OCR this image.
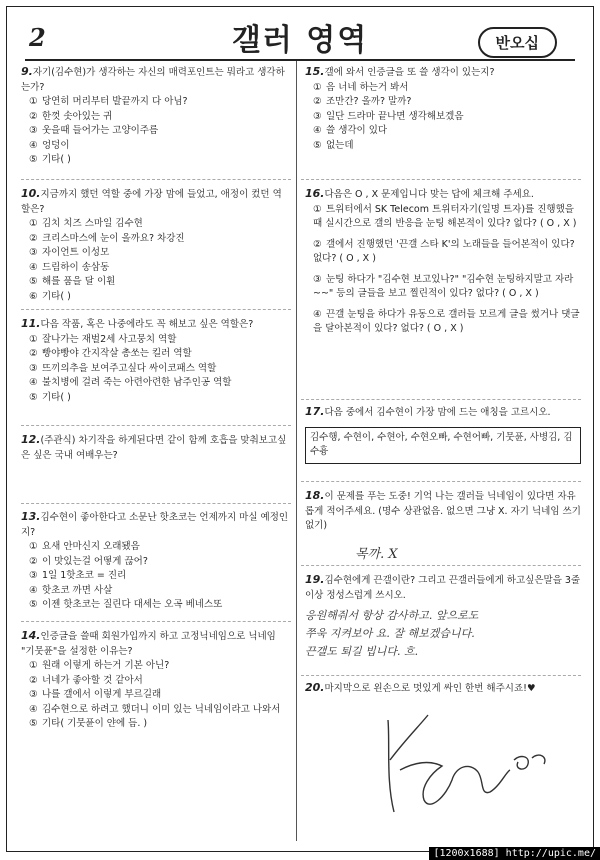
2	갤러 영역	반오십
9.자기(김수현)가 생각하는 자신의 매력포인트는 뭐라고 생각하는가?
① 당연히 머리부터 발끝까지 다 아님?
② 한껏 솟아있는 귀
③ 웃을때 들어가는 고양이주름
④ 엉덩이
⑤ 기타( )
10.지금까지 했던 역할 중에 가장 맘에 들었고, 애정이 컸던 역할은?
① 김치 치즈 스마일 김수현
② 크리스마스에 눈이 올까요? 차강진
③ 자이언트 이성모
④ 드림하이 송삼동
⑤ 해를 품을 달 이훤
⑥ 기타( )
11.다음 작품, 혹은 나중에라도 꼭 해보고 싶은 역할은?
① 잘나가는 재벌2세 사고뭉치 역할
② 빵야빵야 간지작살 총쏘는 킬러 역할
③ 뜨끼의추을 보여주고싶다 싸이코패스 역할
④ 불치병에 걸려 죽는 아련아련한 남주인공 역할
⑤ 기타( )
12.(주관식) 차기작을 하게된다면 같이 함께 호흡을 맞춰보고싶은 싶은 국내 여배우는?
13.김수현이 좋아한다고 소문난 핫초코는 언제까지 마실 예정인지?
① 요새 안마신지 오래됐음
② 이 맛있는걸 어떻게 끊어?
③ 1일 1핫초코 = 진리
④ 핫초코 까면 사살
⑤ 이젠 핫초코는 질린다 대세는 오곡 베네스또
14.인증글을 쓸때 회원가입까지 하고 고정닉네임으로 닉네임 "기뭇퓬"을 설정한 이유는?
① 원래 이렇게 하는거 기본 아닌?
② 너네가 좋아할 것 같아서
③ 나를 갤에서 이렇게 부르길래
④ 김수현으로 하려고 했더니 이미 있는 닉네임이라고 나와서
⑤ 기타( 기뭇퓬이 얀에 듬. )
15.갤에 와서 인증글을 또 쓸 생각이 있는지?
① 음 너네 하는거 봐서
② 조만간? 올까? 말까?
③ 일단 드라마 끝나면 생각해보겠음
④ 쓸 생각이 있다
⑤ 없는데
16.다음은 O , X 문제입니다 맞는 답에 체크해 주세요.
① 트위터에서 SK Telecom 트위터자기(일명 트자)를 진행했을때 실시간으로 갤의 반응을 눈팅 해본적이 있다? 없다? ( O , X )
② 갤에서 진행했던 '끈갤 스타 K'의 노래들을 들어본적이 있다? 없다? ( O , X )
③ 눈팅 하다가 "김수현 보고있나?" "김수현 눈팅하지말고 자라~~" 등의 글들을 보고 찔린적이 있다? 없다? ( O , X )
④ 끈갤 눈팅을 하다가 유동으로 갤러들 모르게 글을 썼거나 댓글을 달아본적이 있다? 없다? ( O , X )
17.다음 중에서 김수현이 가장 맘에 드는 애칭을 고르시오.
김수행, 수현이, 수현아, 수현오빠, 수현어빠, 기뭇퓬, 사병김, 김수흉
18.이 문제를 푸는 도중! 기억 나는 갤러들 닉네임이 있다면 자유롭게 적어주세요. (명수 상관없음. 없으면 그냥 X. 자기 닉네임 쓰기 없기)
목까. X
19.김수현에게 끈갤이란? 그리고 끈갤러들에게 하고싶은말을 3줄이상 정성스럽게 쓰시오.
응원해줘서 항상 감사하고. 앞으로도
쭈욱 지켜보아 요. 잘 해보겠습니다.
끈갤도 퇴길 빕니다. 흐.
20.마지막으로 왼손으로 멋있게 싸인 한번 해주시죠!♥
[1200x1688] http://upic.me/
